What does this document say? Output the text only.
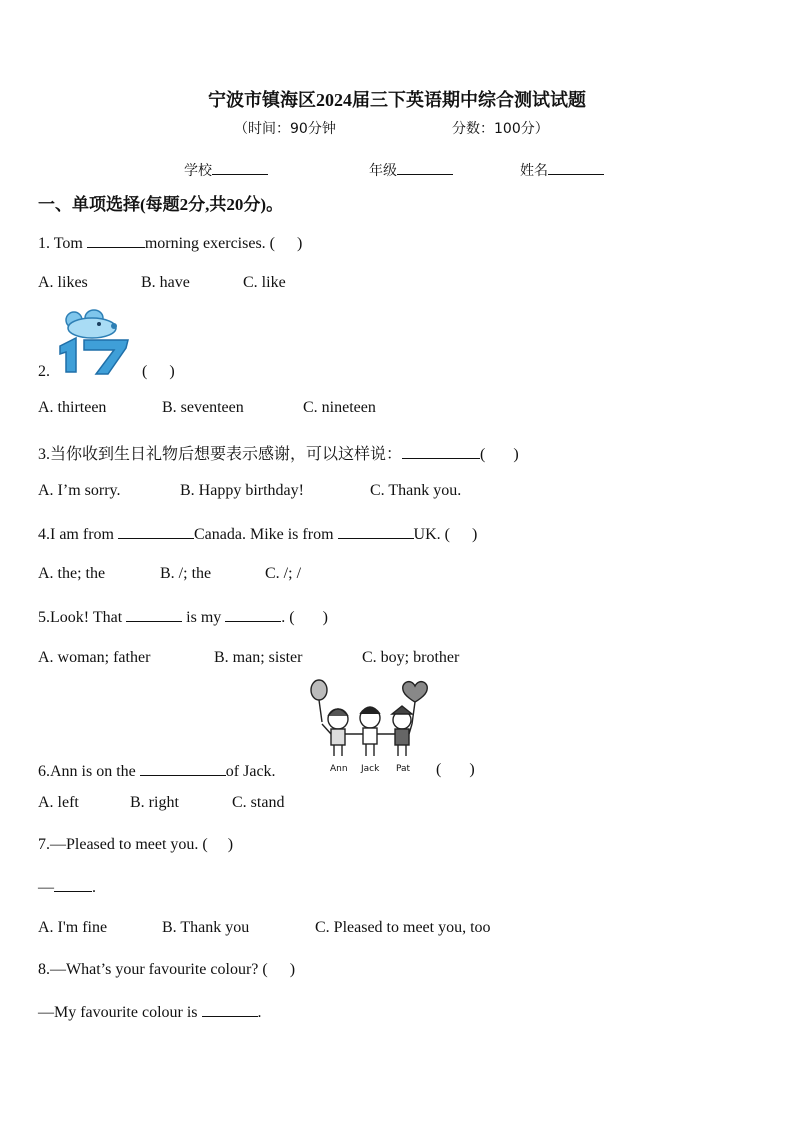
宁波市镇海区2024届三下英语期中综合测试试题
（时间：90分钟	分数：100分）
学校	年级	姓名
一、单项选择(每题2分,共20分)。
1. Tom	morning exercises. ( )
A. likes	B. have	C. like
2.	( )
A. thirteen	B. seventeen	C. nineteen
3.当你收到生日礼物后想要表示感谢，可以这样说：	( )
A. I’m sorry.	B. Happy birthday!	C. Thank you.
4.I am from	Canada. Mike is from	UK. ( )
A. the; the	B. /; the	C. /; /
5.Look! That	is my	. ( )
A. woman; father	B. man; sister	C. boy; brother
Ann Jack Pat
6.Ann is on the	of Jack.	( )
A. left	B. right	C. stand
7.—Pleased to meet you. ( )
— .
A. I'm fine	B. Thank you	C. Pleased to meet you, too
8.—What’s your favourite colour? ( )
—My favourite colour is	.
